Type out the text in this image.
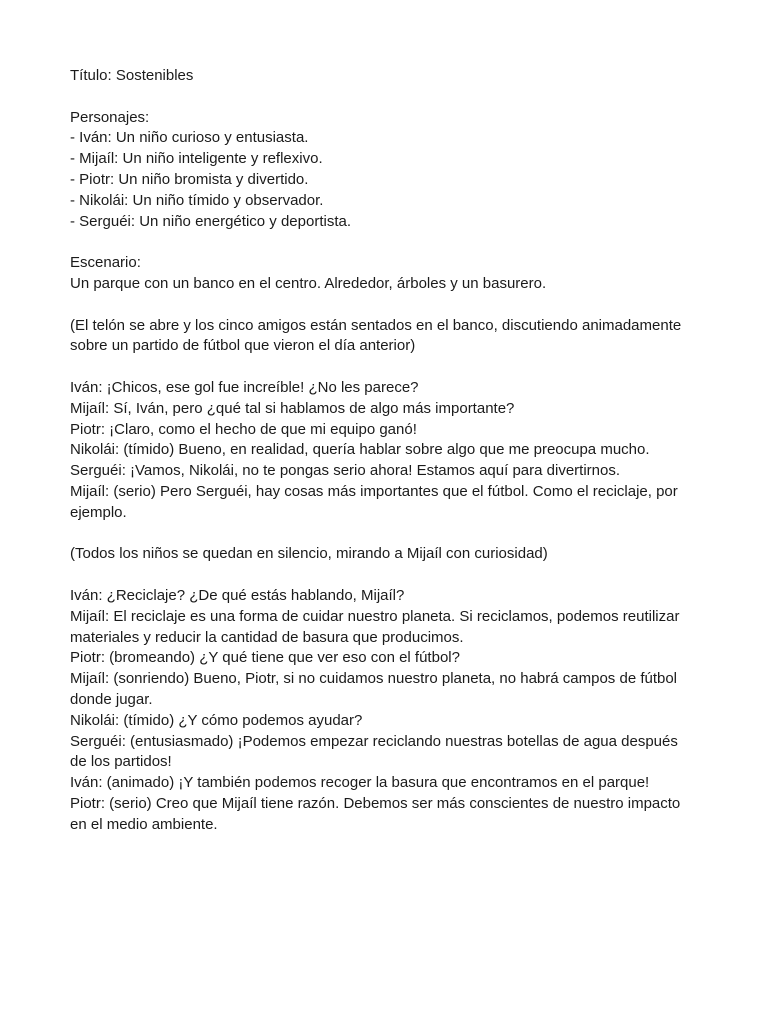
Título: Sostenibles

Personajes:
- Iván: Un niño curioso y entusiasta.
- Mijaíl: Un niño inteligente y reflexivo.
- Piotr: Un niño bromista y divertido.
- Nikolái: Un niño tímido y observador.
- Serguéi: Un niño energético y deportista.

Escenario:
Un parque con un banco en el centro. Alrededor, árboles y un basurero.

(El telón se abre y los cinco amigos están sentados en el banco, discutiendo animadamente sobre un partido de fútbol que vieron el día anterior)

Iván: ¡Chicos, ese gol fue increíble! ¿No les parece?
Mijaíl: Sí, Iván, pero ¿qué tal si hablamos de algo más importante?
Piotr: ¡Claro, como el hecho de que mi equipo ganó!
Nikolái: (tímido) Bueno, en realidad, quería hablar sobre algo que me preocupa mucho.
Serguéi: ¡Vamos, Nikolái, no te pongas serio ahora! Estamos aquí para divertirnos.
Mijaíl: (serio) Pero Serguéi, hay cosas más importantes que el fútbol. Como el reciclaje, por ejemplo.

(Todos los niños se quedan en silencio, mirando a Mijaíl con curiosidad)

Iván: ¿Reciclaje? ¿De qué estás hablando, Mijaíl?
Mijaíl: El reciclaje es una forma de cuidar nuestro planeta. Si reciclamos, podemos reutilizar materiales y reducir la cantidad de basura que producimos.
Piotr: (bromeando) ¿Y qué tiene que ver eso con el fútbol?
Mijaíl: (sonriendo) Bueno, Piotr, si no cuidamos nuestro planeta, no habrá campos de fútbol donde jugar.
Nikolái: (tímido) ¿Y cómo podemos ayudar?
Serguéi: (entusiasmado) ¡Podemos empezar reciclando nuestras botellas de agua después de los partidos!
Iván: (animado) ¡Y también podemos recoger la basura que encontramos en el parque!
Piotr: (serio) Creo que Mijaíl tiene razón. Debemos ser más conscientes de nuestro impacto en el medio ambiente.
